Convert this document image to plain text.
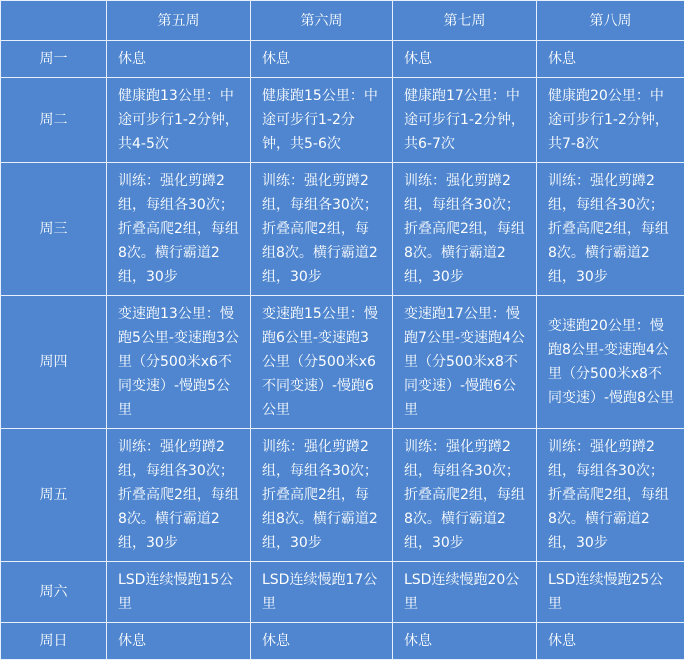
	第五周	第六周	第七周	第八周
周一	休息	休息	休息	休息
周二	健康跑13公里：中途可步行1-2分钟，共4-5次	健康跑15公里：中途可步行1-2分钟，共5-6次	健康跑17公里：中途可步行1-2分钟，共6-7次	健康跑20公里：中途可步行1-2分钟，共7-8次
周三	训练：强化剪蹲2组，每组各30次；折叠高爬2组，每组8次。横行霸道2组，30步	训练：强化剪蹲2组，每组各30次；折叠高爬2组，每组8次。横行霸道2组，30步	训练：强化剪蹲2组，每组各30次；折叠高爬2组，每组8次。横行霸道2组，30步	训练：强化剪蹲2组，每组各30次；折叠高爬2组，每组8次。横行霸道2组，30步
周四	变速跑13公里：慢跑5公里-变速跑3公里（分500米x6不同变速）-慢跑5公里	变速跑15公里：慢跑6公里-变速跑3公里（分500米x6不同变速）-慢跑6公里	变速跑17公里：慢跑7公里-变速跑4公里（分500米x8不同变速）-慢跑6公里	变速跑20公里：慢跑8公里-变速跑4公里（分500米x8不同变速）-慢跑8公里
周五	训练：强化剪蹲2组，每组各30次；折叠高爬2组，每组8次。横行霸道2组，30步	训练：强化剪蹲2组，每组各30次；折叠高爬2组，每组8次。横行霸道2组，30步	训练：强化剪蹲2组，每组各30次；折叠高爬2组，每组8次。横行霸道2组，30步	训练：强化剪蹲2组，每组各30次；折叠高爬2组，每组8次。横行霸道2组，30步
周六	LSD连续慢跑15公里	LSD连续慢跑17公里	LSD连续慢跑20公里	LSD连续慢跑25公里
周日	休息	休息	休息	休息
